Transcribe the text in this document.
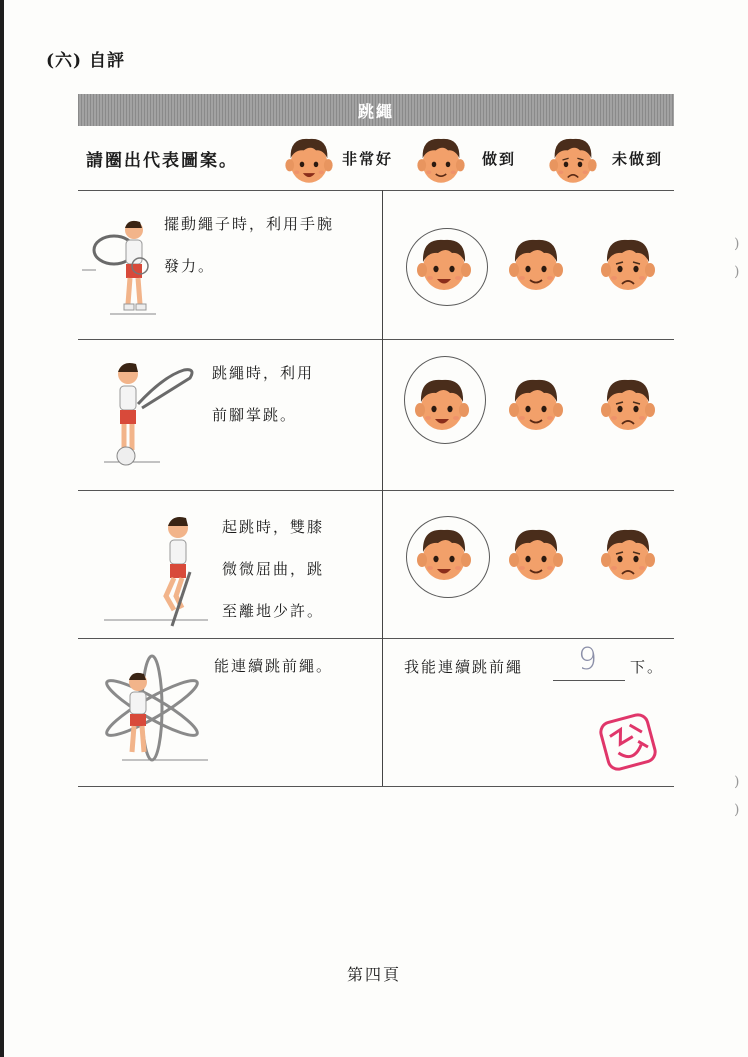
(六) 自評
跳繩
請圈出代表圖案。	非常好	做到	未做到
擺動繩子時，利用手腕
發力。
跳繩時，利用
前腳掌跳。
起跳時，雙膝
微微屈曲，跳
至離地少許。
能連續跳前繩。	我能連續跳前繩 9 下。
第四頁
)
)
)
)
